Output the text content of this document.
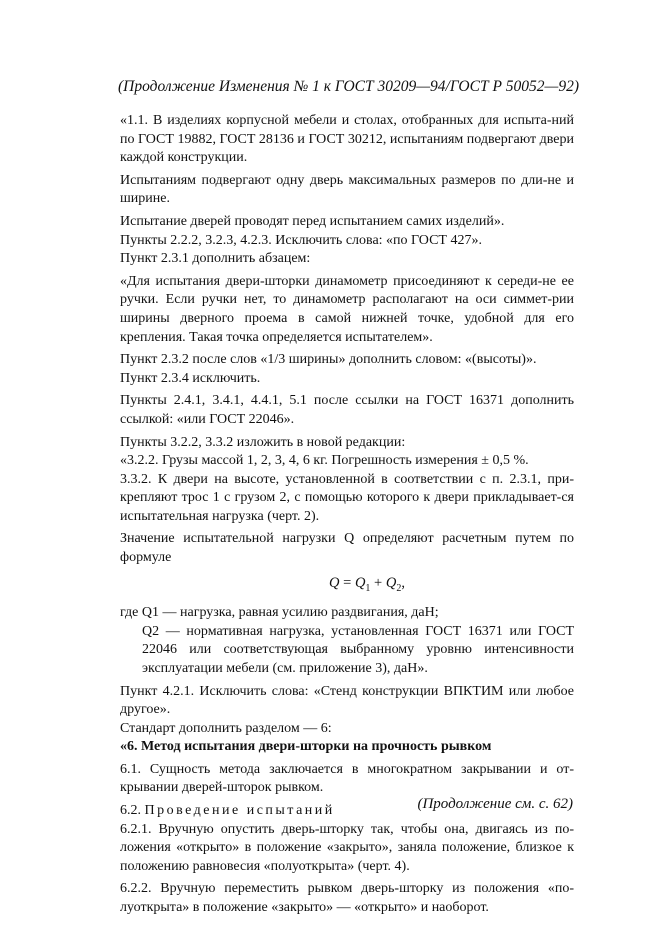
(Продолжение Изменения № 1 к ГОСТ 30209—94/ГОСТ Р 50052—92)

«1.1. В изделиях корпусной мебели и столах, отобранных для испыта-ний по ГОСТ 19882, ГОСТ 28136 и ГОСТ 30212, испытаниям подвергают двери каждой конструкции.

Испытаниям подвергают одну дверь максимальных размеров по дли-не и ширине.

Испытание дверей проводят перед испытанием самих изделий».

Пункты 2.2.2, 3.2.3, 4.2.3. Исключить слова: «по ГОСТ 427».

Пункт 2.3.1 дополнить абзацем:

«Для испытания двери-шторки динамометр присоединяют к середи-не ее ручки. Если ручки нет, то динамометр располагают на оси симмет-рии ширины дверного проема в самой нижней точке, удобной для его крепления. Такая точка определяется испытателем».

Пункт 2.3.2 после слов «1/3 ширины» дополнить словом: «(высоты)».

Пункт 2.3.4 исключить.

Пункты 2.4.1, 3.4.1, 4.4.1, 5.1 после ссылки на ГОСТ 16371 дополнить ссылкой: «или ГОСТ 22046».

Пункты 3.2.2, 3.3.2 изложить в новой редакции:

«3.2.2. Грузы массой 1, 2, 3, 4, 6 кг. Погрешность измерения ± 0,5 %.

3.3.2. К двери на высоте, установленной в соответствии с п. 2.3.1, при-крепляют трос 1 с грузом 2, с помощью которого к двери прикладывает-ся испытательная нагрузка (черт. 2).

Значение испытательной нагрузки Q определяют расчетным путем по формуле

$Q = Q_1 + Q_2$,

где Q1 — нагрузка, равная усилию раздвигания, даН;

Q2 — нормативная нагрузка, установленная ГОСТ 16371 или ГОСТ 22046 или соответствующая выбранному уровню интенсивности эксплуатации мебели (см. приложение 3), даН».

Пункт 4.2.1. Исключить слова: «Стенд конструкции ВПКТИМ или любое другое».

Стандарт дополнить разделом — 6:

«6. Метод испытания двери-шторки на прочность рывком

6.1. Сущность метода заключается в многократном закрывании и от-крывании дверей-шторок рывком.

6.2. Проведение испытаний

6.2.1. Вручную опустить дверь-шторку так, чтобы она, двигаясь из по-ложения «открыто» в положение «закрыто», заняла положение, близкое к положению равновесия «полуоткрыта» (черт. 4).

6.2.2. Вручную переместить рывком дверь-шторку из положения «по-луоткрыта» в положение «закрыто» — «открыто» и наоборот.

(Продолжение см. с. 62)
